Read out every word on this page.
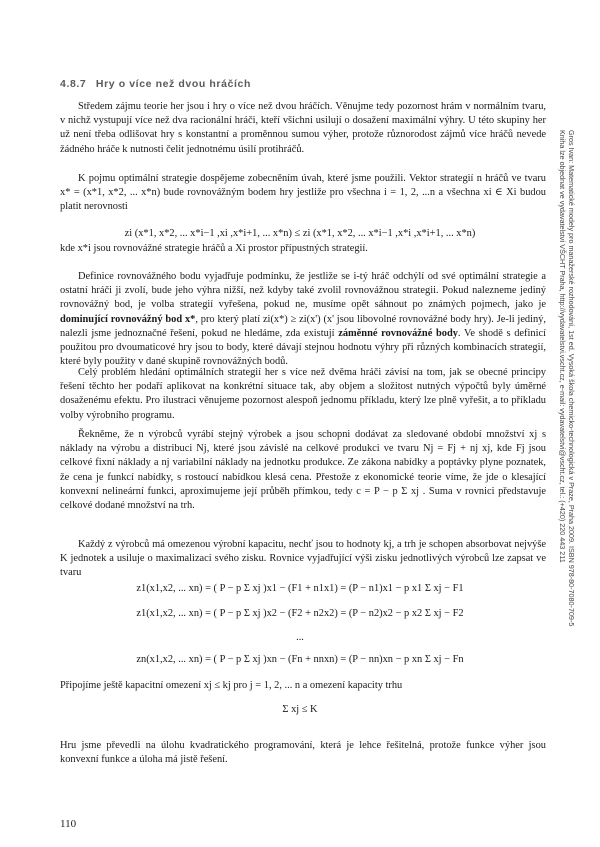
4.8.7 Hry o více než dvou hráčích

Středem zájmu teorie her jsou i hry o více než dvou hráčích. Věnujme tedy pozornost hrám v normálním tvaru, v nichž vystupují více než dva racionální hráči, kteří všichni usilují o dosažení maximální výhry. U této skupiny her už není třeba odlišovat hry s konstantní a proměnnou sumou výher, protože různorodost zájmů více hráčů nevede žádného hráče k nutnosti čelit jednotnému úsilí protihráčů.

K pojmu optimální strategie dospějeme zobecněním úvah, které jsme použili. Vektor strategií n hráčů ve tvaru x* = (x*1, x*2, ... x*n) bude rovnovážným bodem hry jestliže pro všechna i = 1, 2, ...n a všechna xi ∈ Xi budou platit nerovnosti

zi (x*1, x*2, ... x*i−1 ,xi ,x*i+1, ... x*n) ≤ zi (x*1, x*2, ... x*i−1 ,x*i ,x*i+1, ... x*n)

kde x*i jsou rovnovážné strategie hráčů a Xi prostor přípustných strategií.

Definice rovnovážného bodu vyjadřuje podmínku, že jestliže se i-tý hráč odchýlí od své optimální strategie a ostatní hráči ji zvolí, bude jeho výhra nižší, než kdyby také zvolil rovnovážnou strategii. Pokud nalezneme jediný rovnovážný bod, je volba strategií vyřešena, pokud ne, musíme opět sáhnout po známých pojmech, jako je dominující rovnovážný bod x*, pro který platí zi(x*) ≥ zi(x') (x' jsou libovolné rovnovážné body hry). Je-li jediný, nalezli jsme jednoznačné řešení, pokud ne hledáme, zda existují záměnné rovnovážné body. Ve shodě s definicí použitou pro dvoumaticové hry jsou to body, které dávají stejnou hodnotu výhry při různých kombinacích strategií, které byly použity v dané skupině rovnovážných bodů.

Celý problém hledání optimálních strategií her s více než dvěma hráči závisí na tom, jak se obecné principy řešení těchto her podaří aplikovat na konkrétní situace tak, aby objem a složitost nutných výpočtů byly úměrné dosaženému efektu. Pro ilustraci věnujeme pozornost alespoň jednomu příkladu, který lze plně vyřešit, a to příkladu volby výrobního programu.

Řekněme, že n výrobců vyrábí stejný výrobek a jsou schopni dodávat za sledované období množství xj s náklady na výrobu a distribuci Nj, které jsou závislé na celkové produkci ve tvaru Nj = Fj + nj xj, kde Fj jsou celkové fixní náklady a nj variabilní náklady na jednotku produkce. Ze zákona nabídky a poptávky plyne poznatek, že cena je funkcí nabídky, s rostoucí nabídkou klesá cena. Přestože z ekonomické teorie víme, že jde o klesající konvexní nelineární funkci, aproximujeme její průběh přímkou, tedy c = P − p Σ xj . Suma v rovnici představuje celkové dodané množství na trh.

Každý z výrobců má omezenou výrobní kapacitu, nechť jsou to hodnoty kj, a trh je schopen absorbovat nejvýše K jednotek a usiluje o maximalizaci svého zisku. Rovnice vyjadřující výši zisku jednotlivých výrobců lze zapsat ve tvaru

z1(x1,x2, ... xn) = ( P − p Σ xj )x1 − (F1 + n1x1) = (P − n1)x1 − p x1 Σ xj − F1
z1(x1,x2, ... xn) = ( P − p Σ xj )x2 − (F2 + n2x2) = (P − n2)x2 − p x2 Σ xj − F2
...
zn(x1,x2, ... xn) = ( P − p Σ xj )xn − (Fn + nnxn) = (P − nn)xn − p xn Σ xj − Fn

Připojíme ještě kapacitní omezení xj ≤ kj pro j = 1, 2, ... n a omezení kapacity trhu

Σ xj ≤ K

Hru jsme převedli na úlohu kvadratického programování, která je lehce řešitelná, protože funkce výher jsou konvexní funkce a úloha má jistě řešení.

110
Gros Ivan: Matematické modely pro manažerské rozhodování, 1st ed. Vysoká škola chemicko-technologická v Praze, Praha 2009. ISBN 978-80-7080-709-5
Kniha lze objednat ve vydavatelství VŠCHT Praha, http://vydavatelstvi.vscht.cz, e-mail: vydavatelstvi@vscht.cz, tel.: (+420) 220 443 211
